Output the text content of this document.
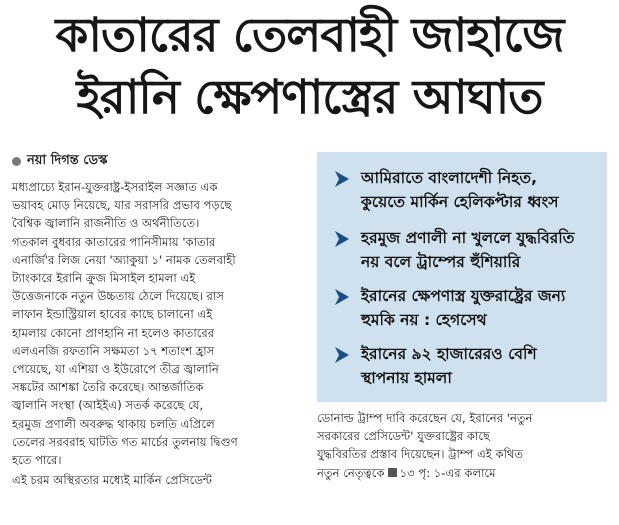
কাতারের তেলবাহী জাহাজে
ইরানি ক্ষেপণাস্ত্রের আঘাত
নয়া দিগন্ত ডেস্ক

মধ্যপ্রাচ্যে ইরান-যুক্তরাষ্ট্র-ইসরাইল সজ্ঞাত এক
ভয়াবহ মোড় নিয়েছে, যার সরাসরি প্রভাব পড়ছে
বৈশ্বিক জ্বালানি রাজনীতি ও অর্থনীতিতে।
গতকাল বুধবার কাতারের পানিসীমায় 'কাতার
এনার্জি'র লিজ নেয়া 'অ্যাকুয়া ১' নামক তেলবাহী
ট্যাংকারে ইরানি ক্রুজ মিসাইল হামলা এই
উত্তেজনাকে নতুন উচ্চতায় ঠেলে দিয়েছে। রাস
লাফান ইন্ডাস্ট্রিয়াল হাবের কাছে চালানো এই
হামলায় কোনো প্রাণহানি না হলেও কাতারের
এলএনজি রফতানি সক্ষমতা ১৭ শতাংশ হ্রাস
পেয়েছে, যা এশিয়া ও ইউরোপে তীব্র জ্বালানি
সঙ্কটের আশঙ্কা তৈরি করেছে। আন্তর্জাতিক
জ্বালানি সংস্থা (আইইএ) সতর্ক করেছে যে,
হরমুজ প্রণালী অবরুদ্ধ থাকায় চলতি এপ্রিলে
তেলের সরবরাহ ঘাটতি গত মার্চের তুলনায় দ্বিগুণ
হতে পারে।

এই চরম অস্থিরতার মধ্যেই মার্কিন প্রেসিডেন্ট

আমিরাতে বাংলাদেশী নিহত,
কুয়েতে মার্কিন হেলিকপ্টার ধ্বংস
হরমুজ প্রণালী না খুললে যুদ্ধবিরতি
নয় বলে ট্রাম্পের হুঁশিয়ারি
ইরানের ক্ষেপণাস্ত্র যুক্তরাষ্ট্রের জন্য
হুমকি নয় : হেগসেথ
ইরানের ৯২ হাজারেরও বেশি
স্থাপনায় হামলা
ডোনাল্ড ট্রাম্প দাবি করেছেন যে, ইরানের 'নতুন
সরকারের প্রেসিডেন্ট' যুক্তরাষ্ট্রের কাছে
যুদ্ধবিরতির প্রস্তাব দিয়েছেন। ট্রাম্প এই কথিত
নতুন নেতৃত্বকে ১৩ পৃ: ১-এর কলামে
